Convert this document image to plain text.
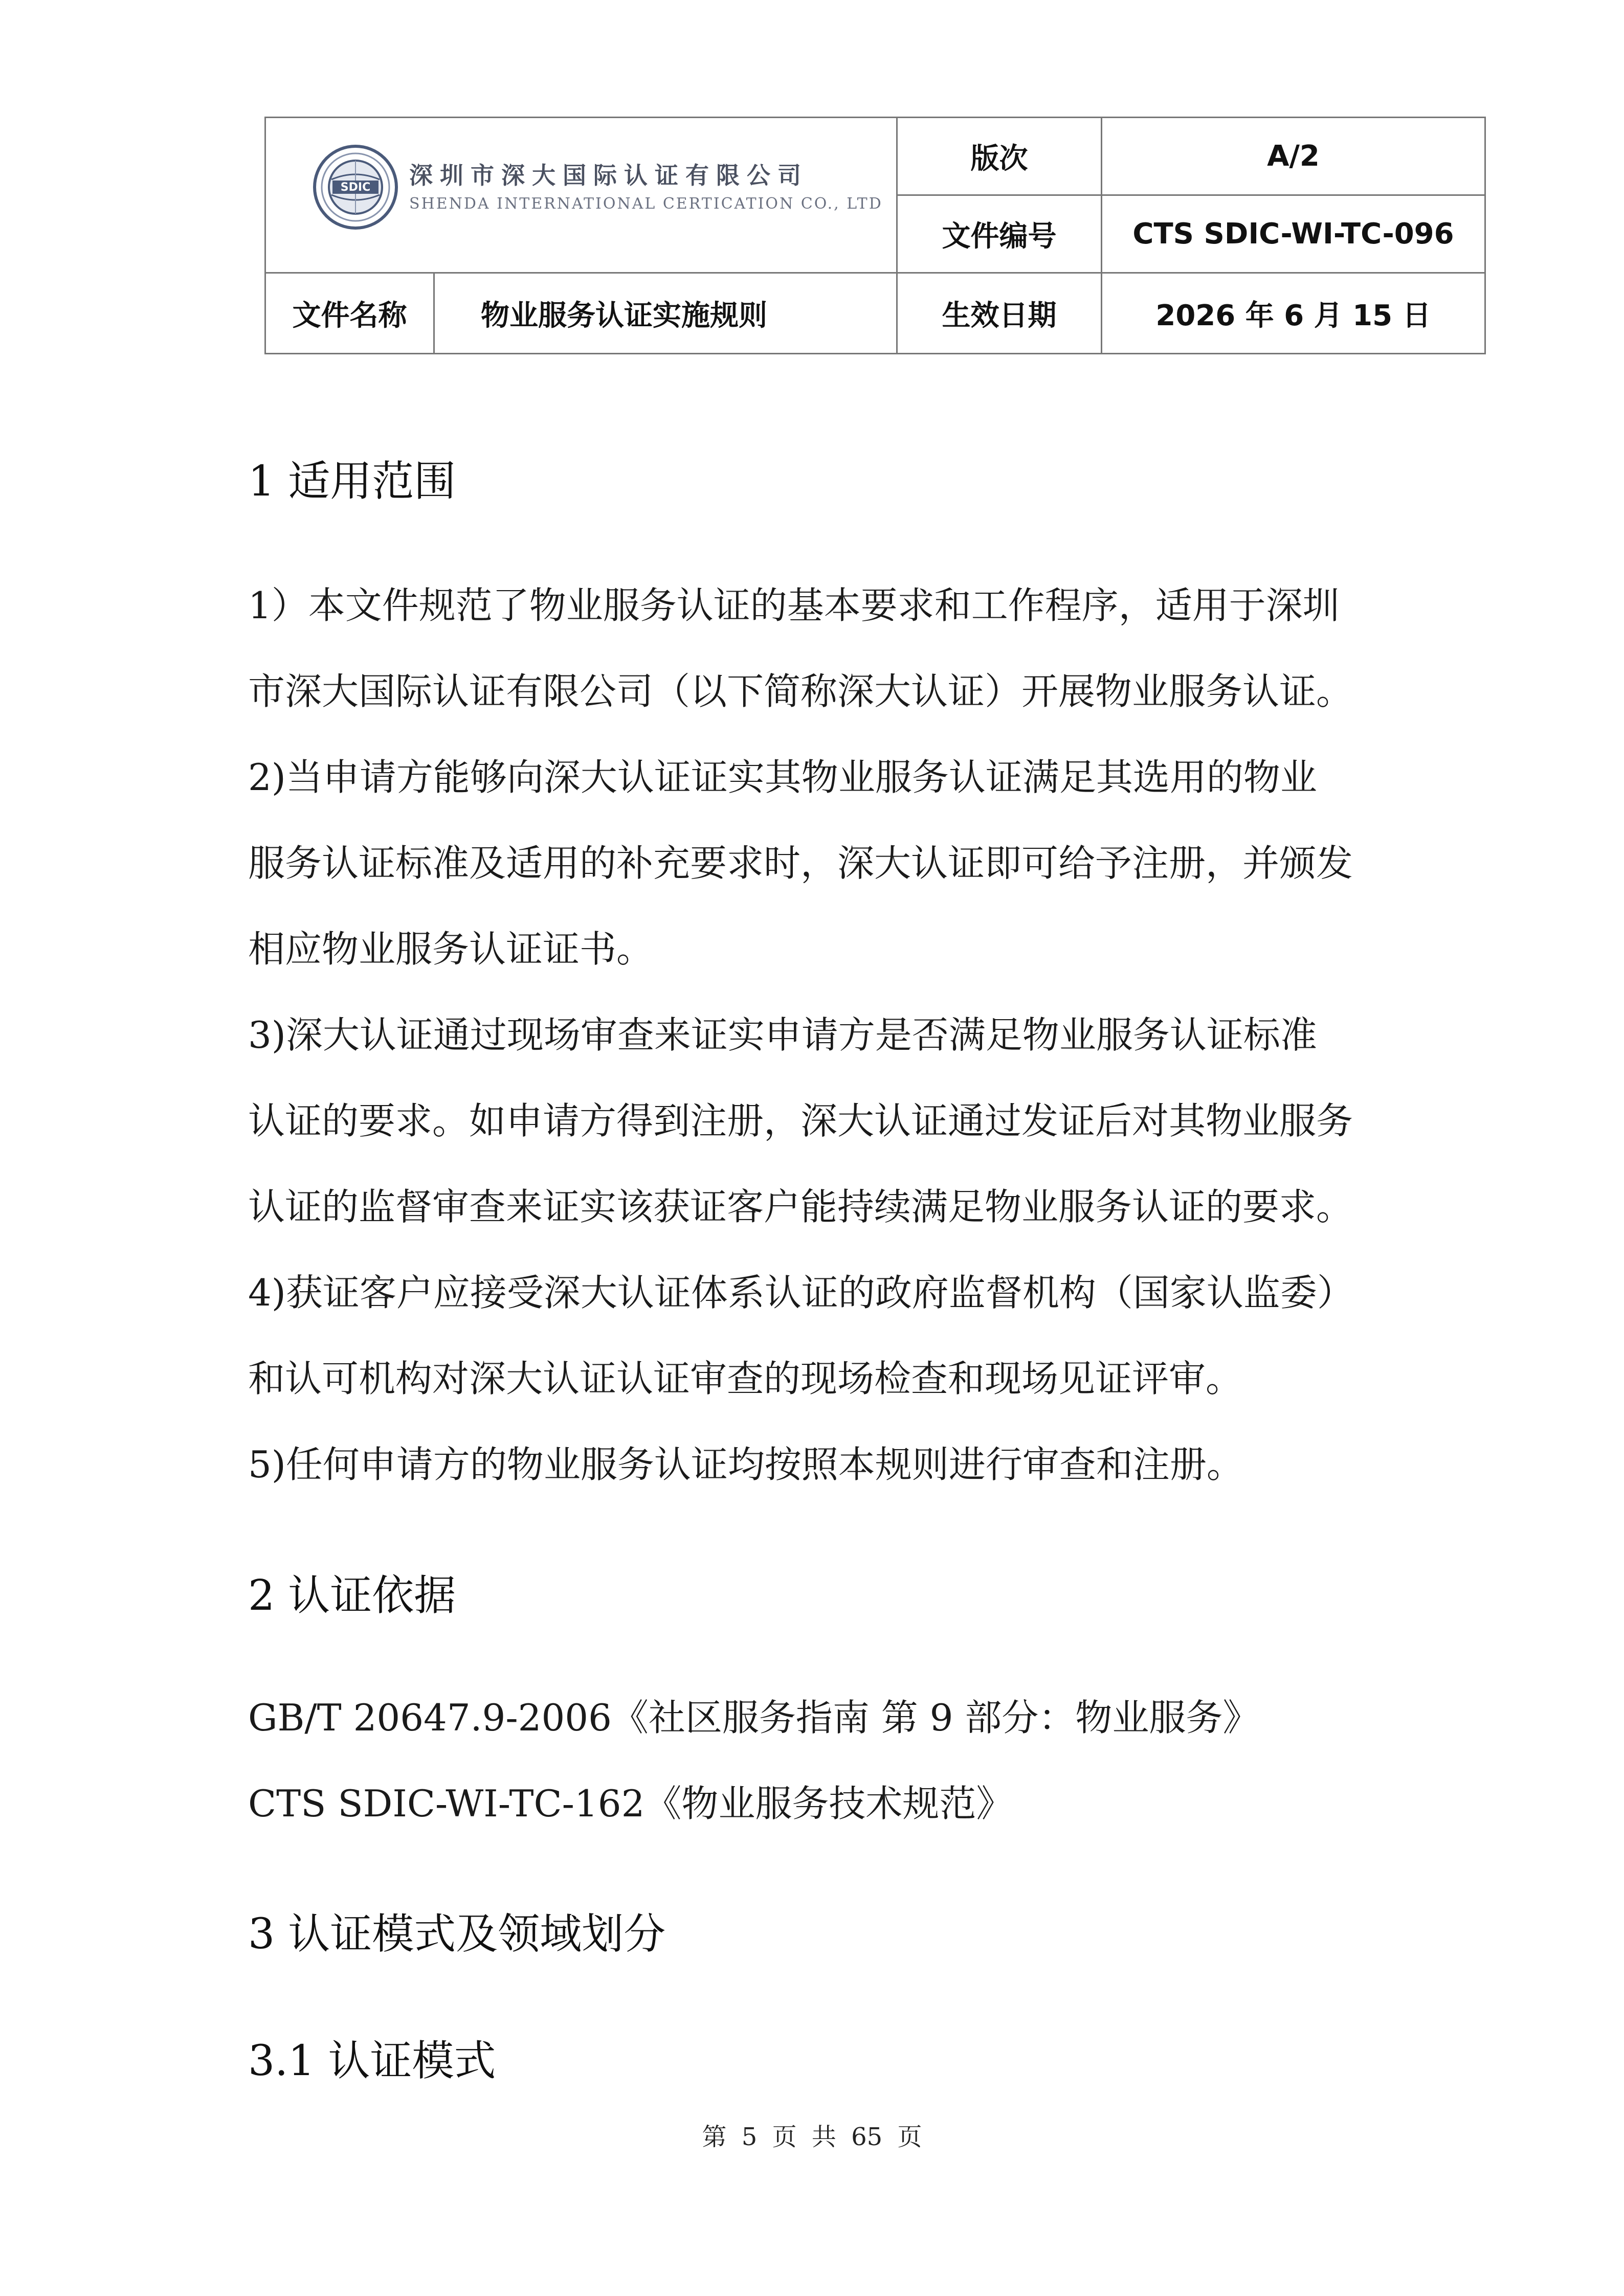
SDIC 深圳市深大国际认证有限公司
SHENDA INTERNATIONAL CERTICATION CO., LTD		版次	A/2
		文件编号	CTS SDIC-WI-TC-096
文件名称	物业服务认证实施规则	生效日期	2026 年 6 月 15 日
1 适用范围

1）本文件规范了物业服务认证的基本要求和工作程序，适用于深圳

市深大国际认证有限公司（以下简称深大认证）开展物业服务认证。

2)当申请方能够向深大认证证实其物业服务认证满足其选用的物业

服务认证标准及适用的补充要求时，深大认证即可给予注册，并颁发

相应物业服务认证证书。

3)深大认证通过现场审查来证实申请方是否满足物业服务认证标准

认证的要求。如申请方得到注册，深大认证通过发证后对其物业服务

认证的监督审查来证实该获证客户能持续满足物业服务认证的要求。

4)获证客户应接受深大认证体系认证的政府监督机构（国家认监委）

和认可机构对深大认证认证审查的现场检查和现场见证评审。

5)任何申请方的物业服务认证均按照本规则进行审查和注册。

2 认证依据

GB/T 20647.9-2006《社区服务指南 第 9 部分：物业服务》

CTS SDIC-WI-TC-162《物业服务技术规范》

3 认证模式及领域划分
3.1 认证模式
第 5 页 共 65 页
